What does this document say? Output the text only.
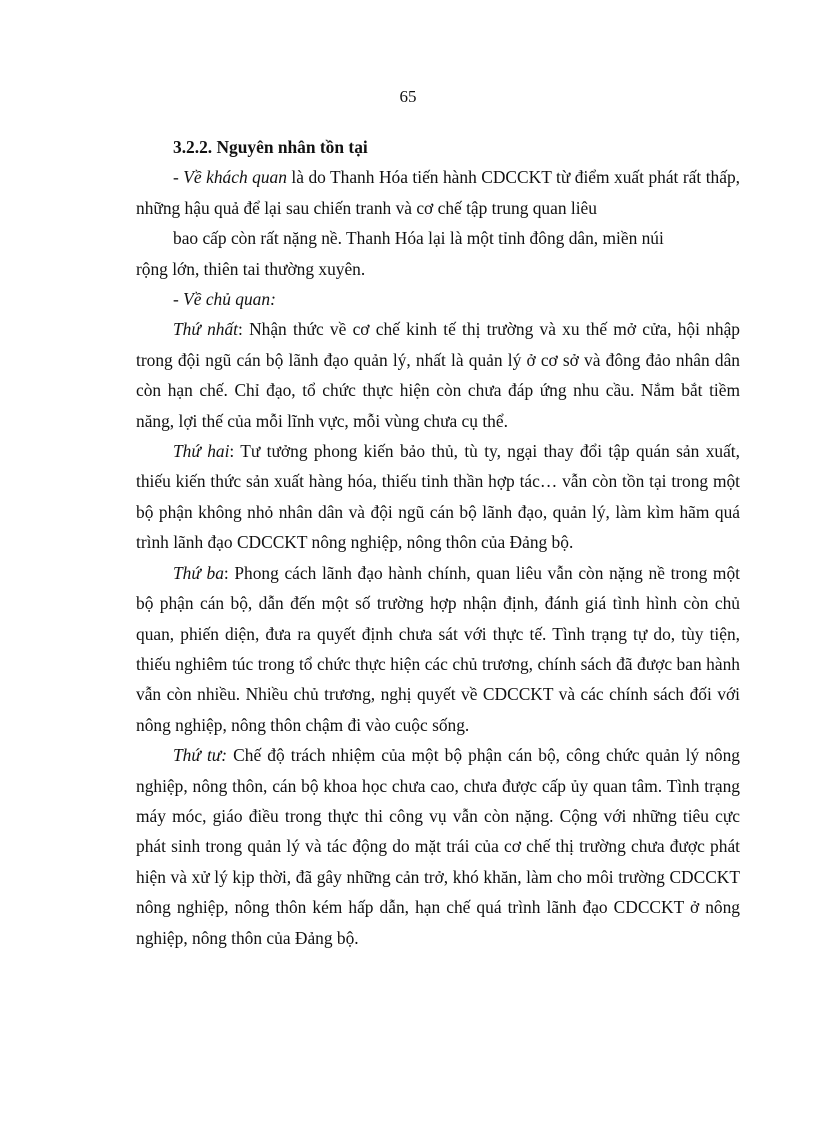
65

3.2.2. Nguyên nhân tồn tại

- Về khách quan là do Thanh Hóa tiến hành CDCCKT từ điểm xuất phát rất thấp, những hậu quả để lại sau chiến tranh và cơ chế tập trung quan liêu

bao cấp còn rất nặng nề. Thanh Hóa lại là một tỉnh đông dân, miền núi

rộng lớn, thiên tai thường xuyên.

- Về chủ quan:

Thứ nhất: Nhận thức về cơ chế kinh tế thị trường và xu thế mở cửa, hội nhập trong đội ngũ cán bộ lãnh đạo quản lý, nhất là quản lý ở cơ sở và đông đảo nhân dân còn hạn chế. Chỉ đạo, tổ chức thực hiện còn chưa đáp ứng nhu cầu. Nắm bắt tiềm năng, lợi thế của mỗi lĩnh vực, mỗi vùng chưa cụ thể.

Thứ hai: Tư tưởng phong kiến bảo thủ, tù ty, ngại thay đổi tập quán sản xuất, thiếu kiến thức sản xuất hàng hóa, thiếu tinh thần hợp tác… vẫn còn tồn tại trong một bộ phận không nhỏ nhân dân và đội ngũ cán bộ lãnh đạo, quản lý, làm kìm hãm quá trình lãnh đạo CDCCKT nông nghiệp, nông thôn của Đảng bộ.

Thứ ba: Phong cách lãnh đạo hành chính, quan liêu vẫn còn nặng nề trong một bộ phận cán bộ, dẫn đến một số trường hợp nhận định, đánh giá tình hình còn chủ quan, phiến diện, đưa ra quyết định chưa sát với thực tế. Tình trạng tự do, tùy tiện, thiếu nghiêm túc trong tổ chức thực hiện các chủ trương, chính sách đã được ban hành vẫn còn nhiều. Nhiều chủ trương, nghị quyết về CDCCKT và các chính sách đối với nông nghiệp, nông thôn chậm đi vào cuộc sống.

Thứ tư: Chế độ trách nhiệm của một bộ phận cán bộ, công chức quản lý nông nghiệp, nông thôn, cán bộ khoa học chưa cao, chưa được cấp ủy quan tâm. Tình trạng máy móc, giáo điều trong thực thi công vụ vẫn còn nặng. Cộng với những tiêu cực phát sinh trong quản lý và tác động do mặt trái của cơ chế thị trường chưa được phát hiện và xử lý kịp thời, đã gây những cản trở, khó khăn, làm cho môi trường CDCCKT nông nghiệp, nông thôn kém hấp dẫn, hạn chế quá trình lãnh đạo CDCCKT ở nông nghiệp, nông thôn của Đảng bộ.
